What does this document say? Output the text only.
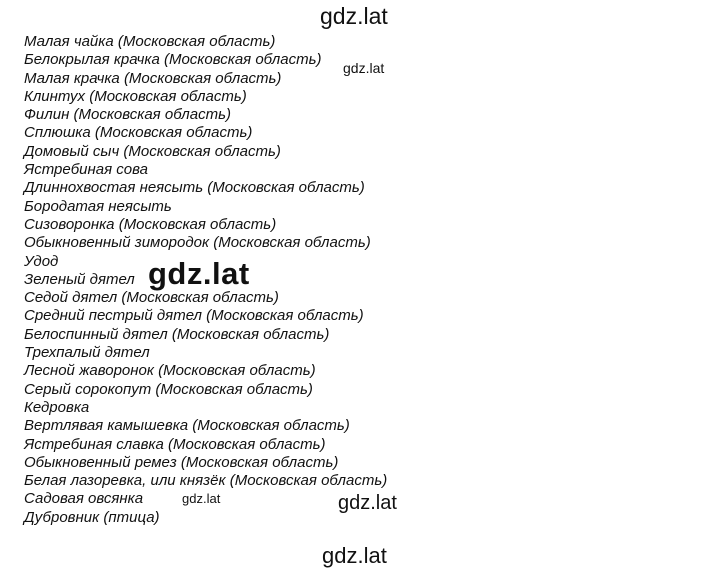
gdz.lat
Малая чайка (Московская область)
Белокрылая крачка (Московская область)
Малая крачка (Московская область)
Клинтух (Московская область)
Филин (Московская область)
Сплюшка (Московская область)
Домовый сыч (Московская область)
Ястребиная сова
Длиннохвостая неясыть (Московская область)
Бородатая неясыть
Сизоворонка (Московская область)
Обыкновенный зимородок (Московская область)
Удод
Зеленый дятел
Седой дятел (Московская область)
Средний пестрый дятел (Московская область)
Белоспинный дятел (Московская область)
Трехпалый дятел
Лесной жаворонок (Московская область)
Серый сорокопут (Московская область)
Кедровка
Вертлявая камышевка (Московская область)
Ястребиная славка (Московская область)
Обыкновенный ремез (Московская область)
Белая лазоревка, или князёк (Московская область)
Садовая овсянка
Дубровник (птица)
gdz.lat
gdz.lat
gdz.lat	gdz.lat
gdz.lat
